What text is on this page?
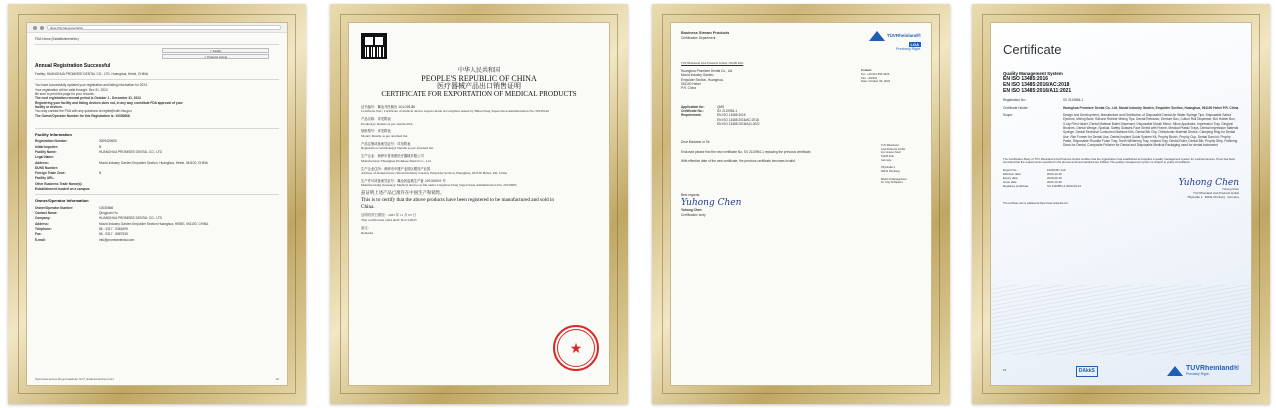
https://fdp.fda.gov/ecr4rlist
FDA Home (Establishment/etc)
✓ Facility
✓ Products Listing
Annual Registration Successful
Facility: HUANGHUA PROMISEE DENTAL CO., LTD. Huanghua, Hebei, CHINA
You have successfully updated your registration and listing information for 2024.
Your registration will be valid through: Dec 31, 2024
Be sure to print this page for your records.
The next registration renewal period is October 1 - December 31, 2024
Registering your facility and listing devices does not, in any way, constitute FDA approval of your
facility or devices.
You may contact the FDA with any questions at reglist@cdrh.fda.gov.
The Owner/Operator Number for this Registration is: 10030866.
Facility Information
Registration Number:	3009420606
Initial Importer:	N
Facility Name:	HUANGHUA PROMISEE DENTAL CO., LTD
Legal Name:
Address:	Mould Industry Garden Empolder Section, Huanghua, Hebei, 061100, CHINA
DUNS Number:
Foreign Trade Zone:	N
Facility URL:
Other Business Trade Name(s):
Establishment located on a campus:
Owner/Operator Information
Owner/Operator Number:	10030866
Contact Name:	Qingyuan Hu
Company:	HUANGHUA PROMISEE DENTAL CO., LTD
Address:	Mould Industry Garden Empolder Section Huanghua, HEBEI, 061100, CHINA
Telephone:	86 - 0317 - 5361699
Fax:	86 - 0317 - 8887935
E-mail:	info@promisedental.com
https://www.access.fda.gov/oaa/index.htm?_flowExecutionKey=e1s1	1/2
中华人民共和国
PEOPLE'S REPUBLIC OF CHINA
医疗器械产品出口销售证明
CERTIFICATE FOR EXPORTATION OF MEDICAL PRODUCTS
证书编号：冀沧开医械出 20230140
Certificate NO.: Certificate of medical device exports made in Cangzhou issued by Hebei Drug Supervision Administration No: 20230140
产品名称：详见附表
Product(s): Details as per attached list.
规格型号：详见附表
Model: Details as per attached list.
产品注册或备案凭证号：详见附表
Registration certificate(s): Details as per attached list.
生产企业：黄骅市普美斯医疗器械有限公司
Manufacturer: Huanghua Promisee Dental Co., Ltd.
生产企业住所：黄骅市中捷产业园区模具产业园
Address of manufacturer: Mould Industry Garden, Empolder Section, Huanghua, 061100 Hebei, P.R. China
生产许可或备案凭证号：冀沧药监械生产备 20150005 号
Manufacturing license(s): Medical device on file under Cangzhou Drug Supervision Administration No: 20150005
兹证明上述产品已准许在中国生产和销售。
This is to certify that the above products have been registered to be manufactured and sold in China.
证明有效日期至：2025 年 11 月 03 日
This certification valid until: Nov.3,2025
备注：
Remarks
★
Business Stream Products
Certification Department
TÜVRheinland®
LGA
Precisely Right.
TÜV Rheinland LGA Products GmbH • 51105 Köln
Huanghua Promisee Dental Co., Ltd.
Mould Industry Garden,
Empolder Section, Huanghua,
061100 Hebei
P.R. China
Contact
Tel.: +49 911 655 4225
Fax: +49/911
Date: October 06, 2024
Application for:	QMS
Certificate No.:	SX 2110954-1
Requirement:	EN ISO 13485:2016
EN ISO 13485:2016/AC:2018
EN ISO 13485:2016/A11:2021
Dear Madame or Sir
Enclosed please find the new certificate No. SX 2110954-1 replacing the previous certificate.
With effective date of the new certificate, the previous certificate becomes invalid.
Best regards,
Yuhong Chen
Yuhong Chen
Certification body
TÜV Rheinland
LGA Products GmbH
Am Grauen Stein
51105 Köln
Germany
Tillystraße 2
90431 Nürnberg
Board of Management
Dr. Jörg Schliesser
Certificate
Quality Management System
EN ISO 13485:2016
EN ISO 13485:2016/AC:2018
EN ISO 13485:2016/A11:2021
Registration No.:	SX 2110854-1
Certificate Holder:	Huanghua Promisee Dental Co., Ltd. Mould Industry Garden, Empolder Section, Huanghua, 061100 Hebei P.R. China
Scope:	Design and Development, Manufacture and Distribution of Disposable Dental Air Water Syringe Tips, Disposable Saliva Ejectors, Mixing Bowl, Silicone Rubber Mixing Tips, Dental Retractor, Denture Box, Cotton Roll Dispenser, Bur Holder Box, X-ray Film Holder, Dental Material Bullet Dispenser, Disposable Mouth Mirror, Micro Applicator, Impression Tray, Gingival Brushes, Dental Wedge, Spatula, Safety Glasses Face Shield with Frame, Medical Plastic Trays, Dental Impression Material Syringe, Dental Sectional Contoured Matrices Kits, Dental Bib Clip, Orthodontic Material Device, Clamping Ring for Dental Use, Rim Former for Dental Use, Dental Implant Guide System Kit, Prophy Brush, Prophy Cup, Dental Dam kit, Prophy Paste, Disposable Fluoride Foam Tray, Teeth Whitening Tray, Implant Tray, Dental Ruler, Dental Bib, Prophy Strip, Polishing Discs for Dental, Composite Polisher for Dental and Disposable Medical Packaging used for dental instrument
The Certification Body of TÜV Rheinland LGA Products GmbH certifies that the organization has established and applies a quality management system for medical devices. Proof has been furnished that the requirements specified in the abovementioned standard are fulfilled. The quality management system is subject to yearly surveillance.
Report No.:	10015497-110
Effective date:	2024-10-26
Expiry date:	2026-09-16
Issue date:	2024-10-26
Replaces certificate:	SX 2110854-1 2023-09-14	Yuhong Chen
Yuhong Chen
TÜV Rheinland LGA Products GmbH
Tillystraße 2 · 90431 Nürnberg · Germany
This certificate can be validated at https://www.certipedia.com
1/1	DAkkS	TÜVRheinland®
Precisely Right.
